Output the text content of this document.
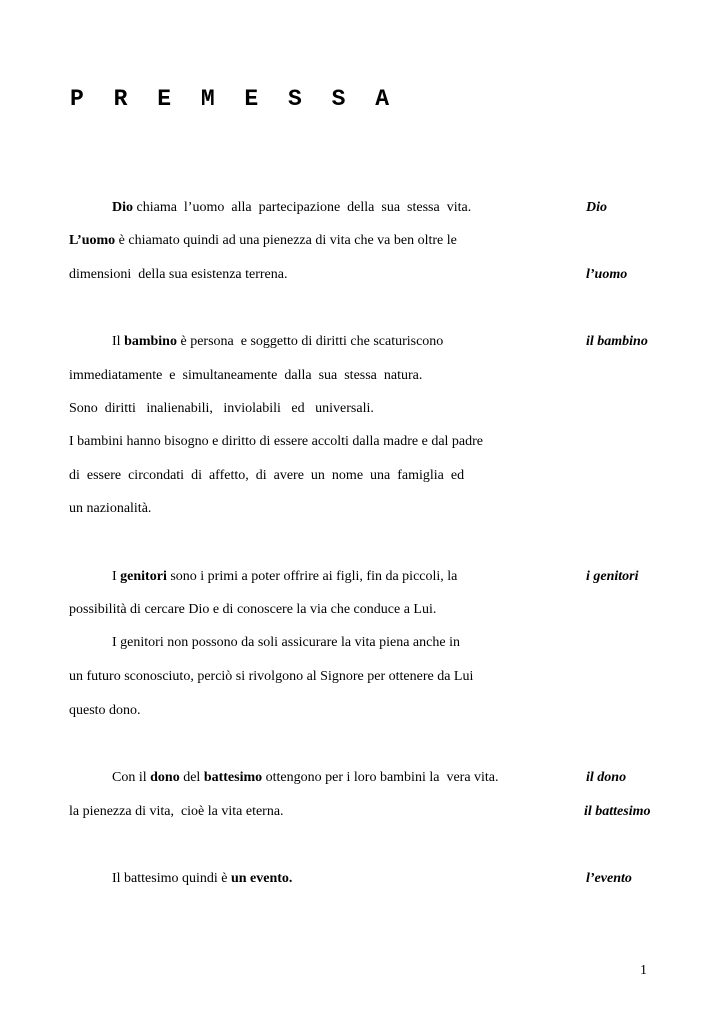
P R E M E S S A
Dio chiama  l’uomo  alla  partecipazione  della  sua  stessa  vita.
L’uomo è chiamato quindi ad una pienezza di vita che va ben oltre le
dimensioni  della sua esistenza terrena.
Il bambino è persona  e soggetto di diritti che scaturiscono
immediatamente  e  simultaneamente  dalla  sua  stessa  natura.
Sono  diritti   inalienabili,   inviolabili   ed   universali.
I bambini hanno bisogno e diritto di essere accolti dalla madre e dal padre
di  essere  circondati  di  affetto,  di  avere  un  nome  una  famiglia  ed
un nazionalità.
I genitori sono i primi a poter offrire ai figli, fin da piccoli, la
possibilità di cercare Dio e di conoscere la via che conduce a Lui.
I genitori non possono da soli assicurare la vita piena anche in
un futuro sconosciuto, perciò si rivolgono al Signore per ottenere da Lui
questo dono.
Con il dono del battesimo ottengono per i loro bambini la  vera vita.
la pienezza di vita,  cioè la vita eterna.
Il battesimo quindi è un evento.
Dio
l’uomo
il bambino
i genitori
il dono
il battesimo
l’evento
1
